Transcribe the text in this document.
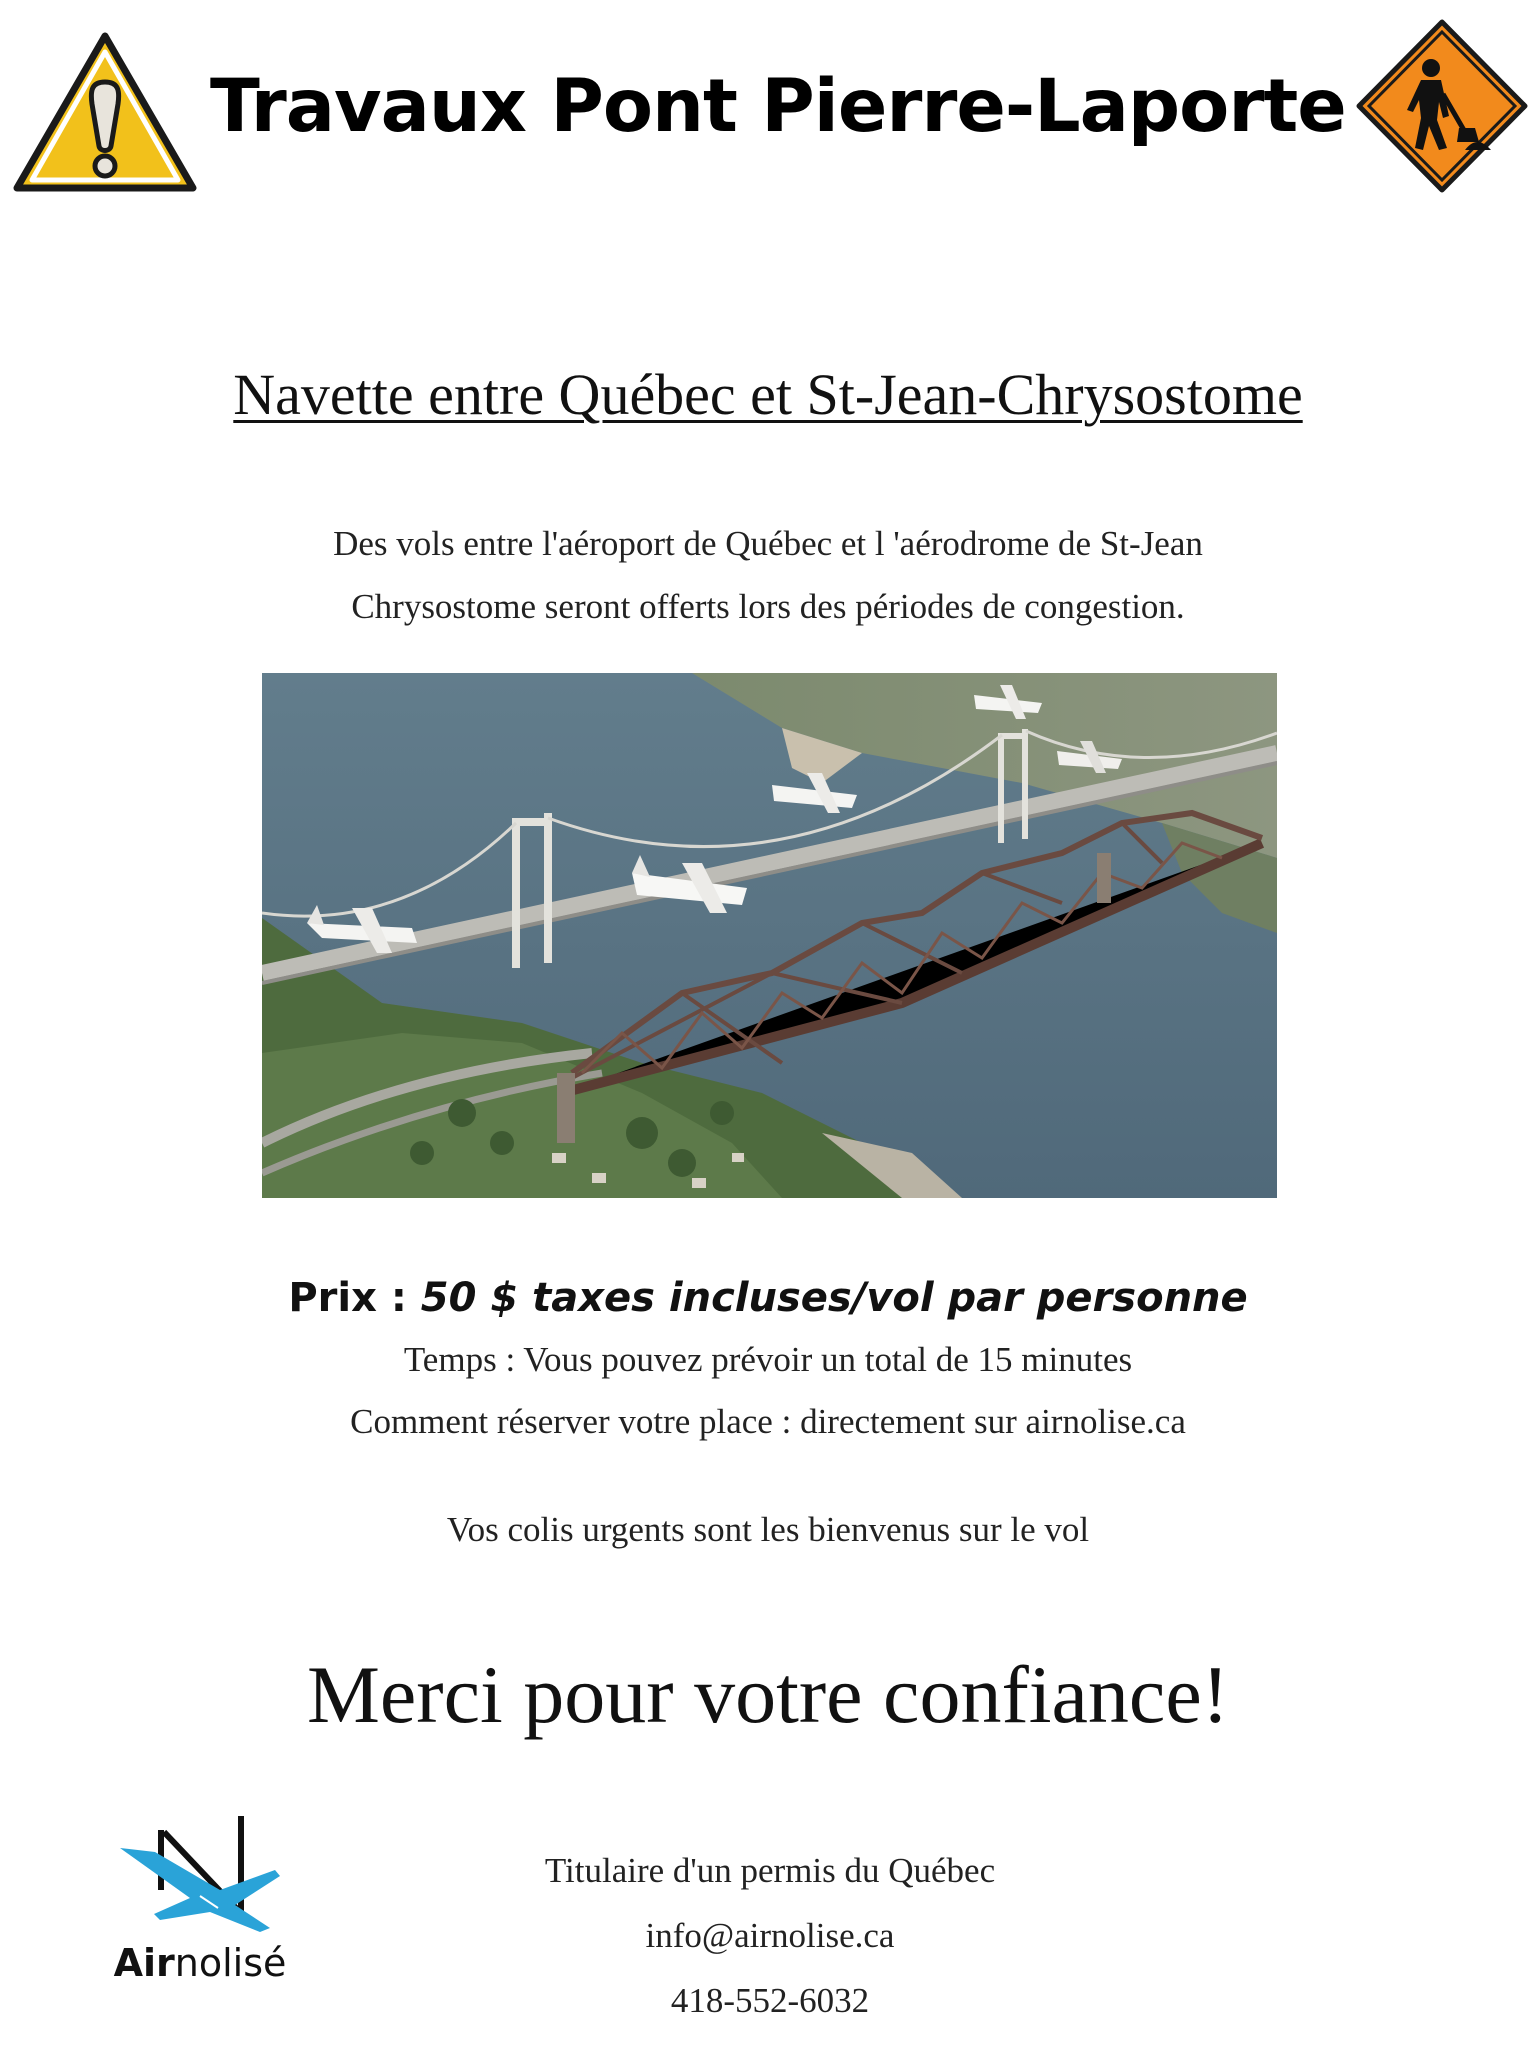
Travaux Pont Pierre-Laporte
Navette entre Québec et St-Jean-Chrysostome
Des vols entre l'aéroport de Québec et l 'aérodrome de St-Jean
Chrysostome seront offerts lors des périodes de congestion.
Prix : 50 $ taxes incluses/vol par personne
Temps : Vous pouvez prévoir un total de 15 minutes
Comment réserver votre place : directement sur airnolise.ca
Vos colis urgents sont les bienvenus sur le vol
Merci pour votre confiance!
Airnolisé
Titulaire d'un permis du Québec
info@airnolise.ca
418-552-6032
